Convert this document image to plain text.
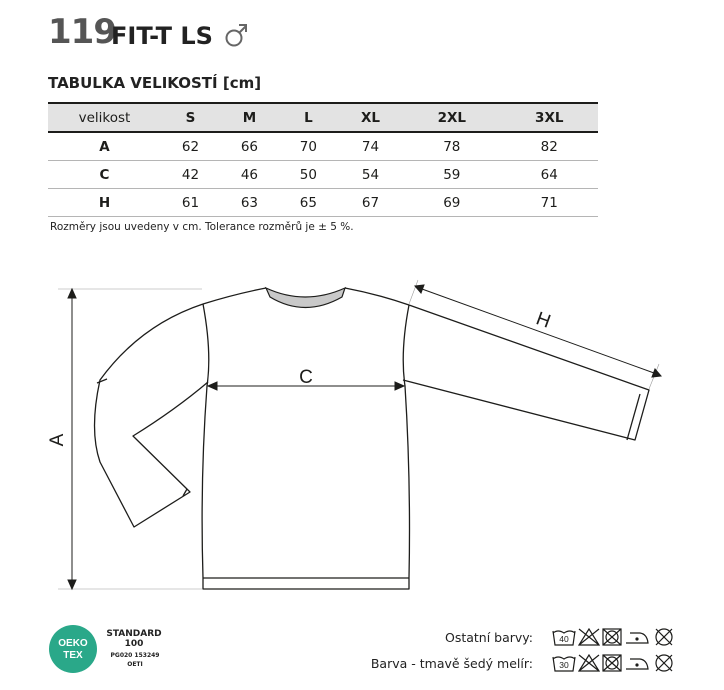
119
FIT-T LS
TABULKA VELIKOSTÍ [cm]
velikost	S	M	L	XL	2XL	3XL
A	62	66	70	74	78	82
C	42	46	50	54	59	64
H	61	63	65	67	69	71
Rozměry jsou uvedeny v cm. Tolerance rozměrů je ± 5 %.
A
C
H
OEKO
TEX
STANDARD
100
PG020 153249
OETI
Ostatní barvy:
Barva - tmavě šedý melír:
40
30
